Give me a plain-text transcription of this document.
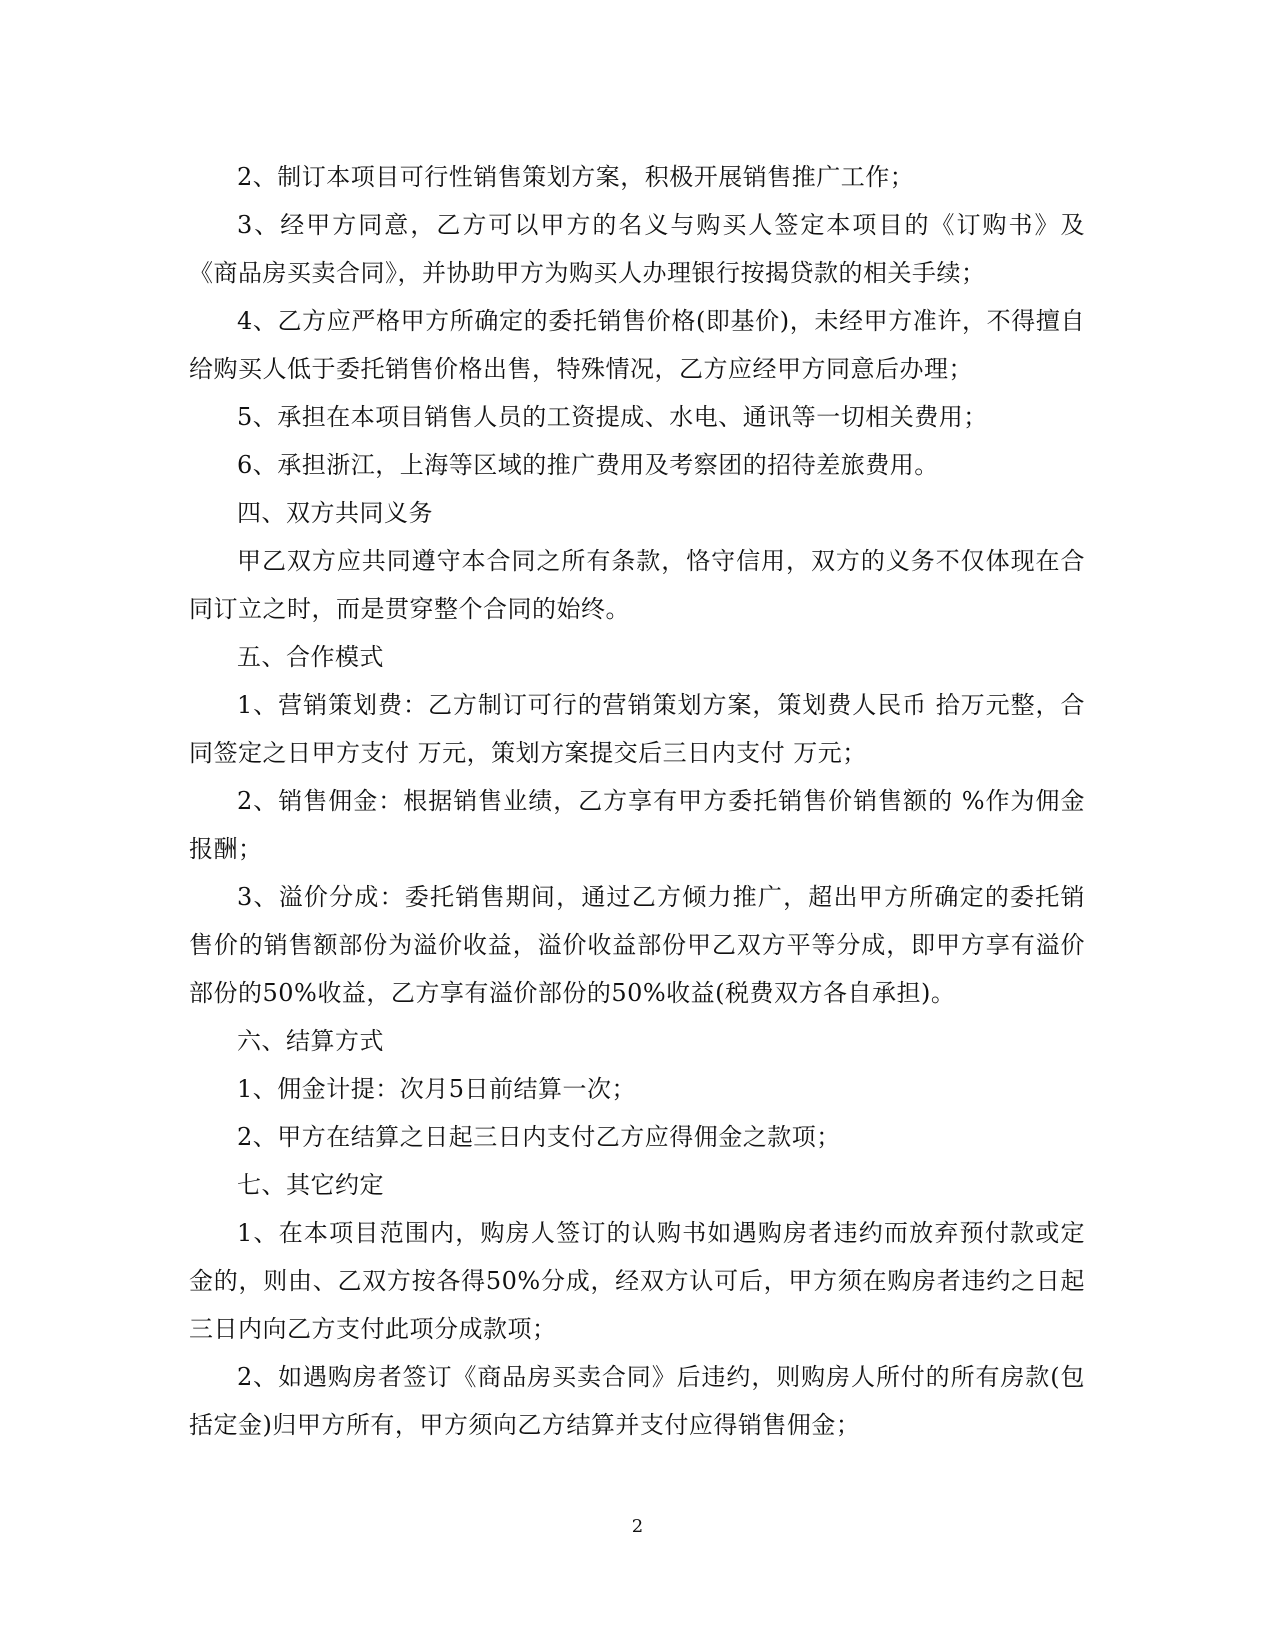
2、制订本项目可行性销售策划方案，积极开展销售推广工作；

3、经甲方同意，乙方可以甲方的名义与购买人签定本项目的《订购书》及《商品房买卖合同》，并协助甲方为购买人办理银行按揭贷款的相关手续；

4、乙方应严格甲方所确定的委托销售价格(即基价)，未经甲方准许，不得擅自给购买人低于委托销售价格出售，特殊情况，乙方应经甲方同意后办理；

5、承担在本项目销售人员的工资提成、水电、通讯等一切相关费用；

6、承担浙江，上海等区域的推广费用及考察团的招待差旅费用。

四、双方共同义务

甲乙双方应共同遵守本合同之所有条款，恪守信用，双方的义务不仅体现在合同订立之时，而是贯穿整个合同的始终。

五、合作模式

1、营销策划费：乙方制订可行的营销策划方案，策划费人民币 拾万元整，合同签定之日甲方支付 万元，策划方案提交后三日内支付 万元；

2、销售佣金：根据销售业绩，乙方享有甲方委托销售价销售额的 %作为佣金报酬；

3、溢价分成：委托销售期间，通过乙方倾力推广，超出甲方所确定的委托销售价的销售额部份为溢价收益，溢价收益部份甲乙双方平等分成，即甲方享有溢价部份的50%收益，乙方享有溢价部份的50%收益(税费双方各自承担)。

六、结算方式

1、佣金计提：次月5日前结算一次；

2、甲方在结算之日起三日内支付乙方应得佣金之款项；

七、其它约定

1、在本项目范围内，购房人签订的认购书如遇购房者违约而放弃预付款或定金的，则由、乙双方按各得50%分成，经双方认可后，甲方须在购房者违约之日起三日内向乙方支付此项分成款项；

2、如遇购房者签订《商品房买卖合同》后违约，则购房人所付的所有房款(包括定金)归甲方所有，甲方须向乙方结算并支付应得销售佣金；

2
